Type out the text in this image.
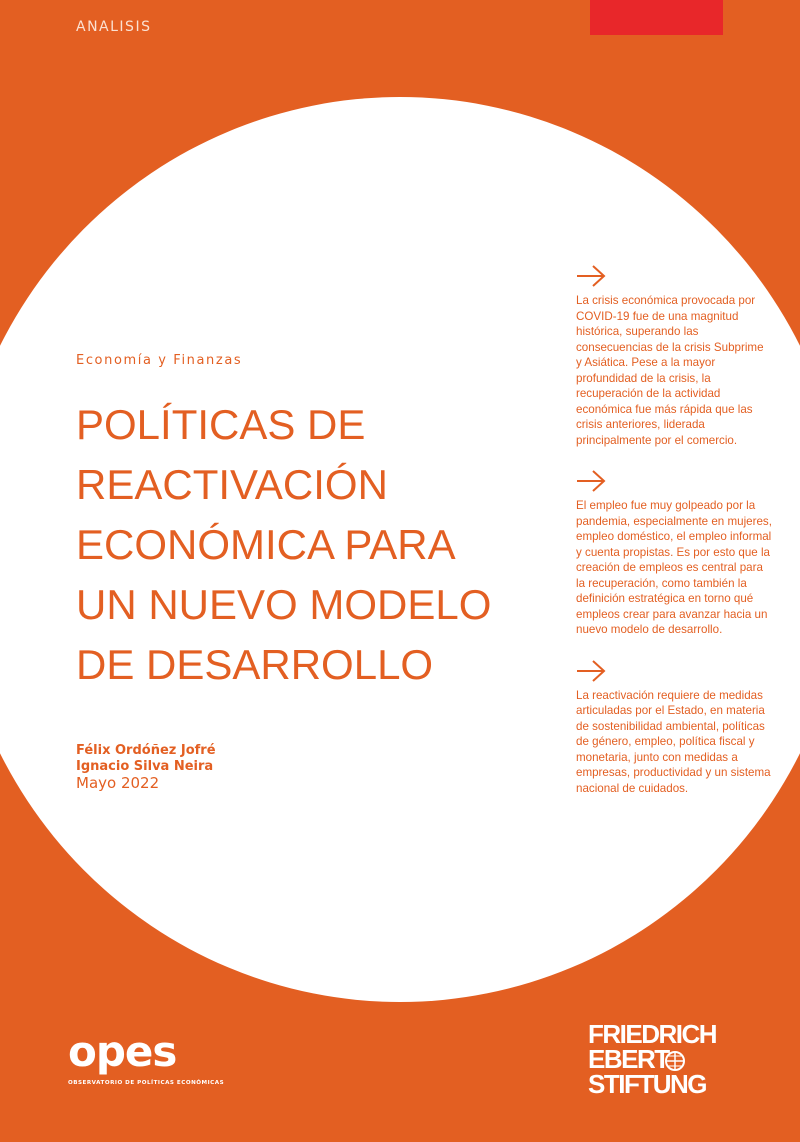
ANALISIS
Economía y Finanzas
POLÍTICAS DE
REACTIVACIÓN
ECONÓMICA PARA
UN NUEVO MODELO
DE DESARROLLO
Félix Ordóñez Jofré
Ignacio Silva Neira
Mayo 2022

La crisis económica provocada por COVID-19 fue de una magnitud histórica, superando las consecuencias de la crisis Subprime y Asiática. Pese a la mayor profundidad de la crisis, la recuperación de la actividad económica fue más rápida que las crisis anteriores, liderada principalmente por el comercio.

El empleo fue muy golpeado por la pandemia, especialmente en mujeres, empleo doméstico, el empleo informal y cuenta propistas. Es por esto que la creación de empleos es central para la recuperación, como también la definición estratégica en torno qué empleos crear para avanzar hacia un nuevo modelo de desarrollo.

La reactivación requiere de medidas articuladas por el Estado, en materia de sostenibilidad ambiental, políticas de género, empleo, política fiscal y monetaria, junto con medidas a empresas, productividad y un sistema nacional de cuidados.

opes
OBSERVATORIO DE POLÍTICAS ECONÓMICAS
FRIEDRICH
EBERT
STIFTUNG
